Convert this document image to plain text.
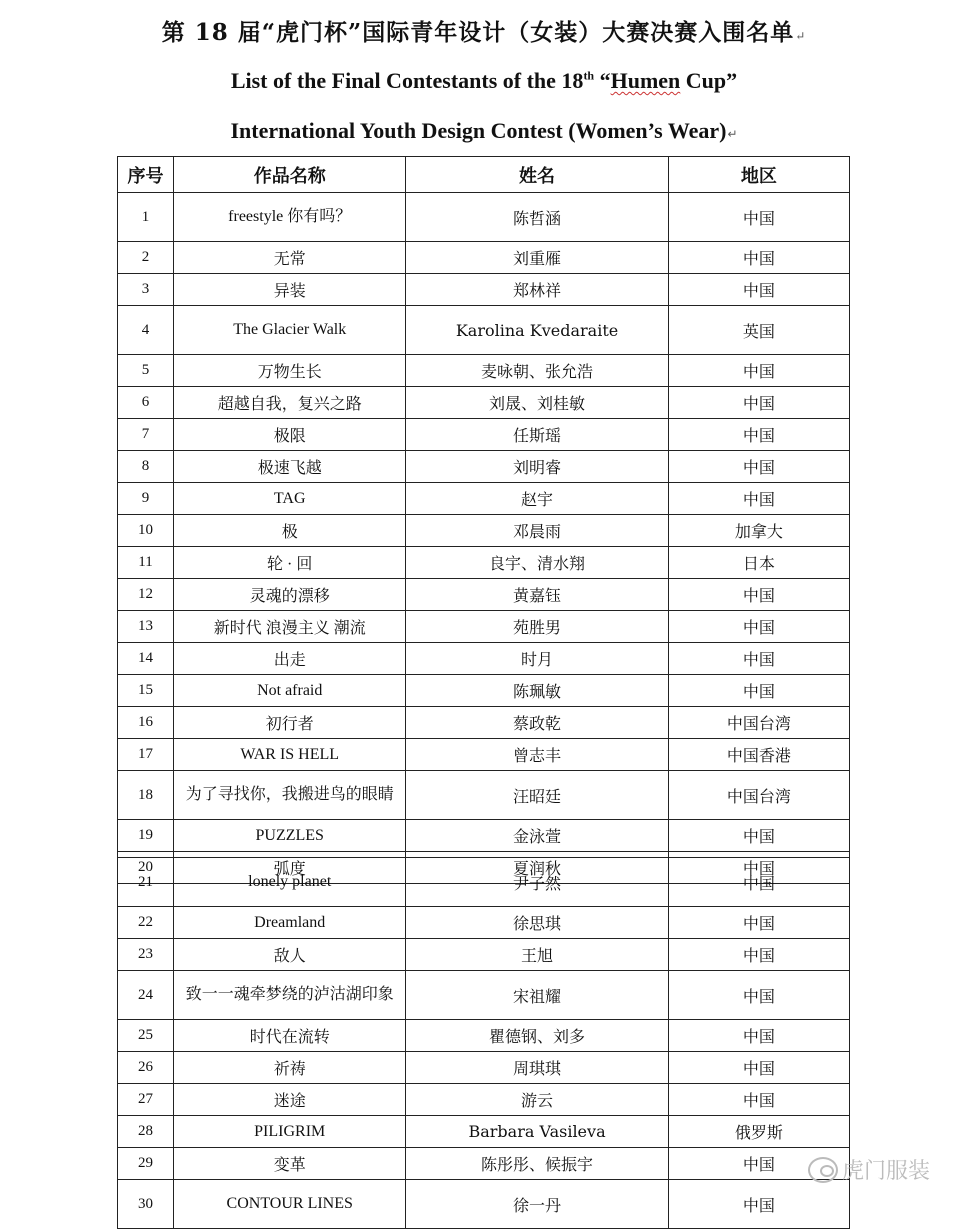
第 18 届“虎门杯”国际青年设计（女装）大赛决赛入围名单↵
List of the Final Contestants of the 18th “Humen Cup”
International Youth Design Contest (Women’s Wear)↵
序号	作品名称	姓名	地区
1	freestyle 你有吗？	陈哲涵	中国
2	无常	刘重雁	中国
3	异装	郑林祥	中国
4	The Glacier Walk	Karolina Kvedaraite	英国
5	万物生长	麦咏朝、张允浩	中国
6	超越自我，复兴之路	刘晟、刘桂敏	中国
7	极限	任斯瑶	中国
8	极速飞越	刘明睿	中国
9	TAG	赵宇	中国
10	极	邓晨雨	加拿大
11	轮 · 回	良宇、清水翔	日本
12	灵魂的漂移	黄嘉钰	中国
13	新时代 浪漫主义 潮流	苑胜男	中国
14	出走	时月	中国
15	Not afraid	陈珮敏	中国
16	初行者	蔡政乾	中国台湾
17	WAR IS HELL	曾志丰	中国香港
18	为了寻找你，我搬进鸟的眼睛	汪昭廷	中国台湾
19	PUZZLES	金泳萱	中国
20	弧度	夏润秋	中国
21	lonely planet	尹子然	中国
22	Dreamland	徐思琪	中国
23	敌人	王旭	中国
24	致一一魂牵梦绕的泸沽湖印象	宋祖耀	中国
25	时代在流转	瞿德钢、刘多	中国
26	祈祷	周琪琪	中国
27	迷途	游云	中国
28	PILIGRIM	Barbara Vasileva	俄罗斯
29	变革	陈彤彤、候振宇	中国
30	CONTOUR LINES	徐一丹	中国
虎门服装
